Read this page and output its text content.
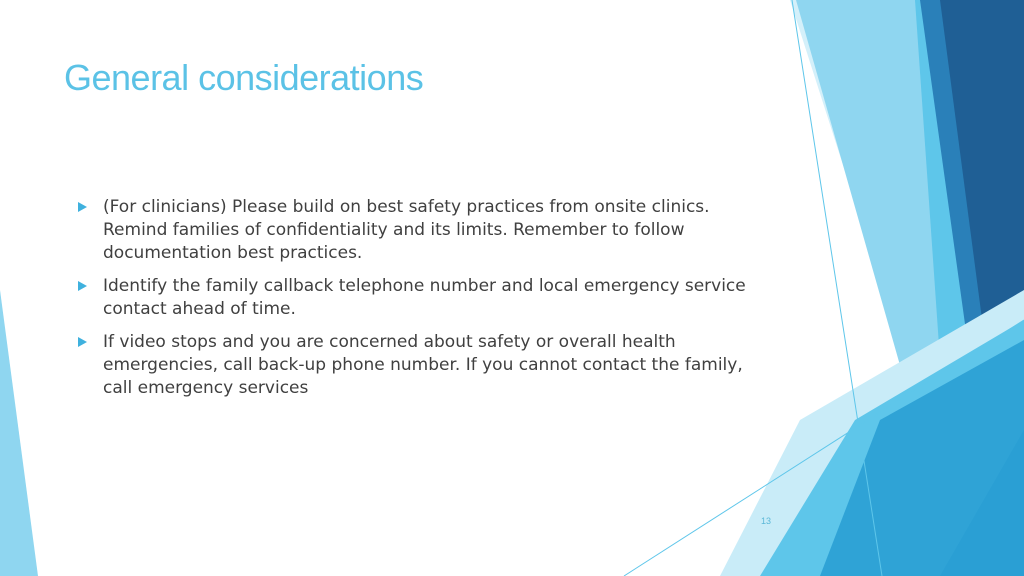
General considerations
(For clinicians) Please build on best safety practices from onsite clinics. Remind families of confidentiality and its limits. Remember to follow documentation best practices.
Identify the family callback telephone number and local emergency service contact ahead of time.
If video stops and you are concerned about safety or overall health emergencies, call back-up phone number. If you cannot contact the family, call emergency services
13
